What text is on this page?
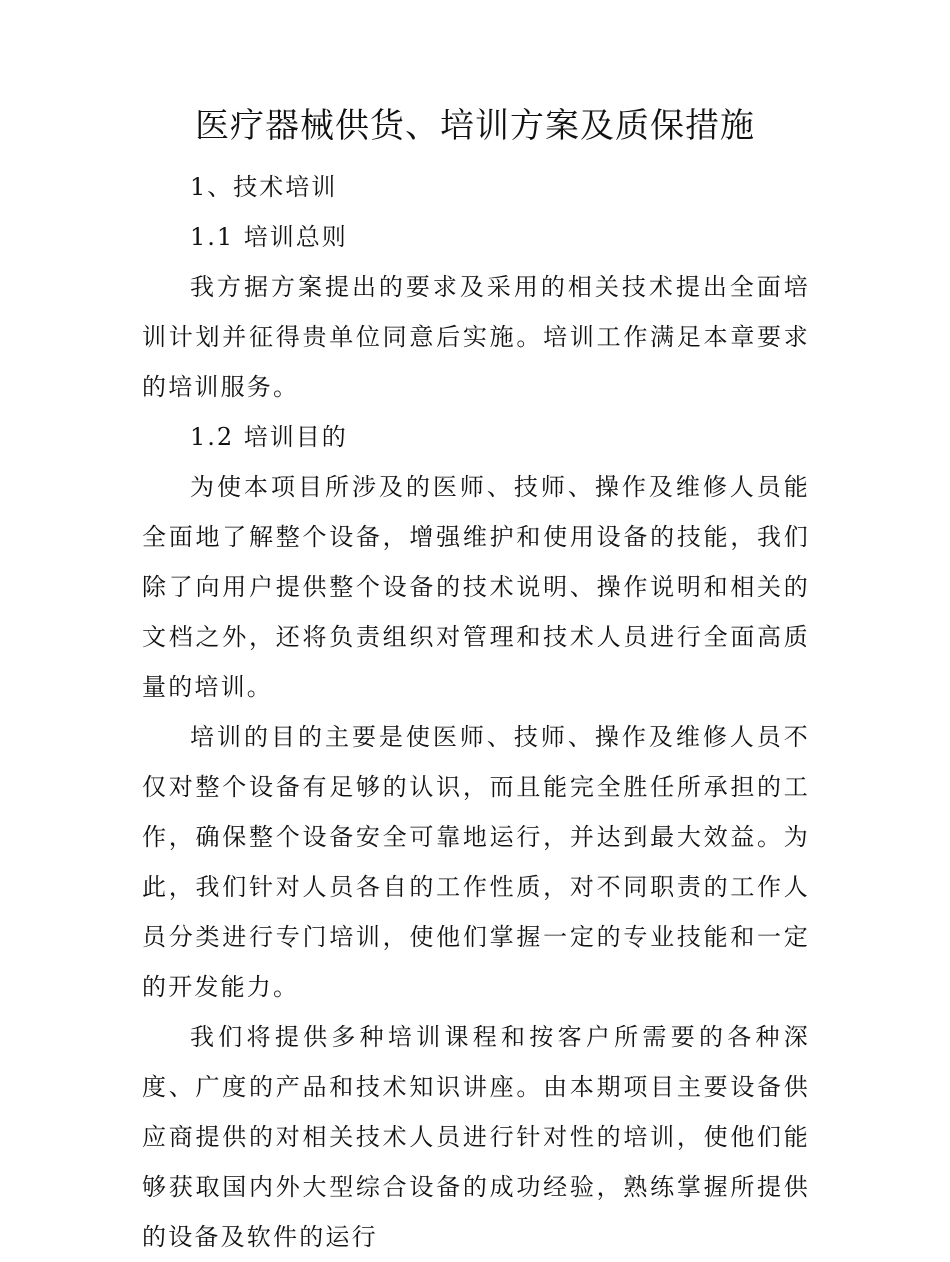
医疗器械供货、培训方案及质保措施

1、技术培训

1.1 培训总则

我方据方案提出的要求及采用的相关技术提出全面培训计划并征得贵单位同意后实施。培训工作满足本章要求的培训服务。

1.2 培训目的

为使本项目所涉及的医师、技师、操作及维修人员能全面地了解整个设备，增强维护和使用设备的技能，我们除了向用户提供整个设备的技术说明、操作说明和相关的文档之外，还将负责组织对管理和技术人员进行全面高质量的培训。

培训的目的主要是使医师、技师、操作及维修人员不仅对整个设备有足够的认识，而且能完全胜任所承担的工作，确保整个设备安全可靠地运行，并达到最大效益。为此，我们针对人员各自的工作性质，对不同职责的工作人员分类进行专门培训，使他们掌握一定的专业技能和一定的开发能力。

我们将提供多种培训课程和按客户所需要的各种深度、广度的产品和技术知识讲座。由本期项目主要设备供应商提供的对相关技术人员进行针对性的培训，使他们能够获取国内外大型综合设备的成功经验，熟练掌握所提供的设备及软件的运行
